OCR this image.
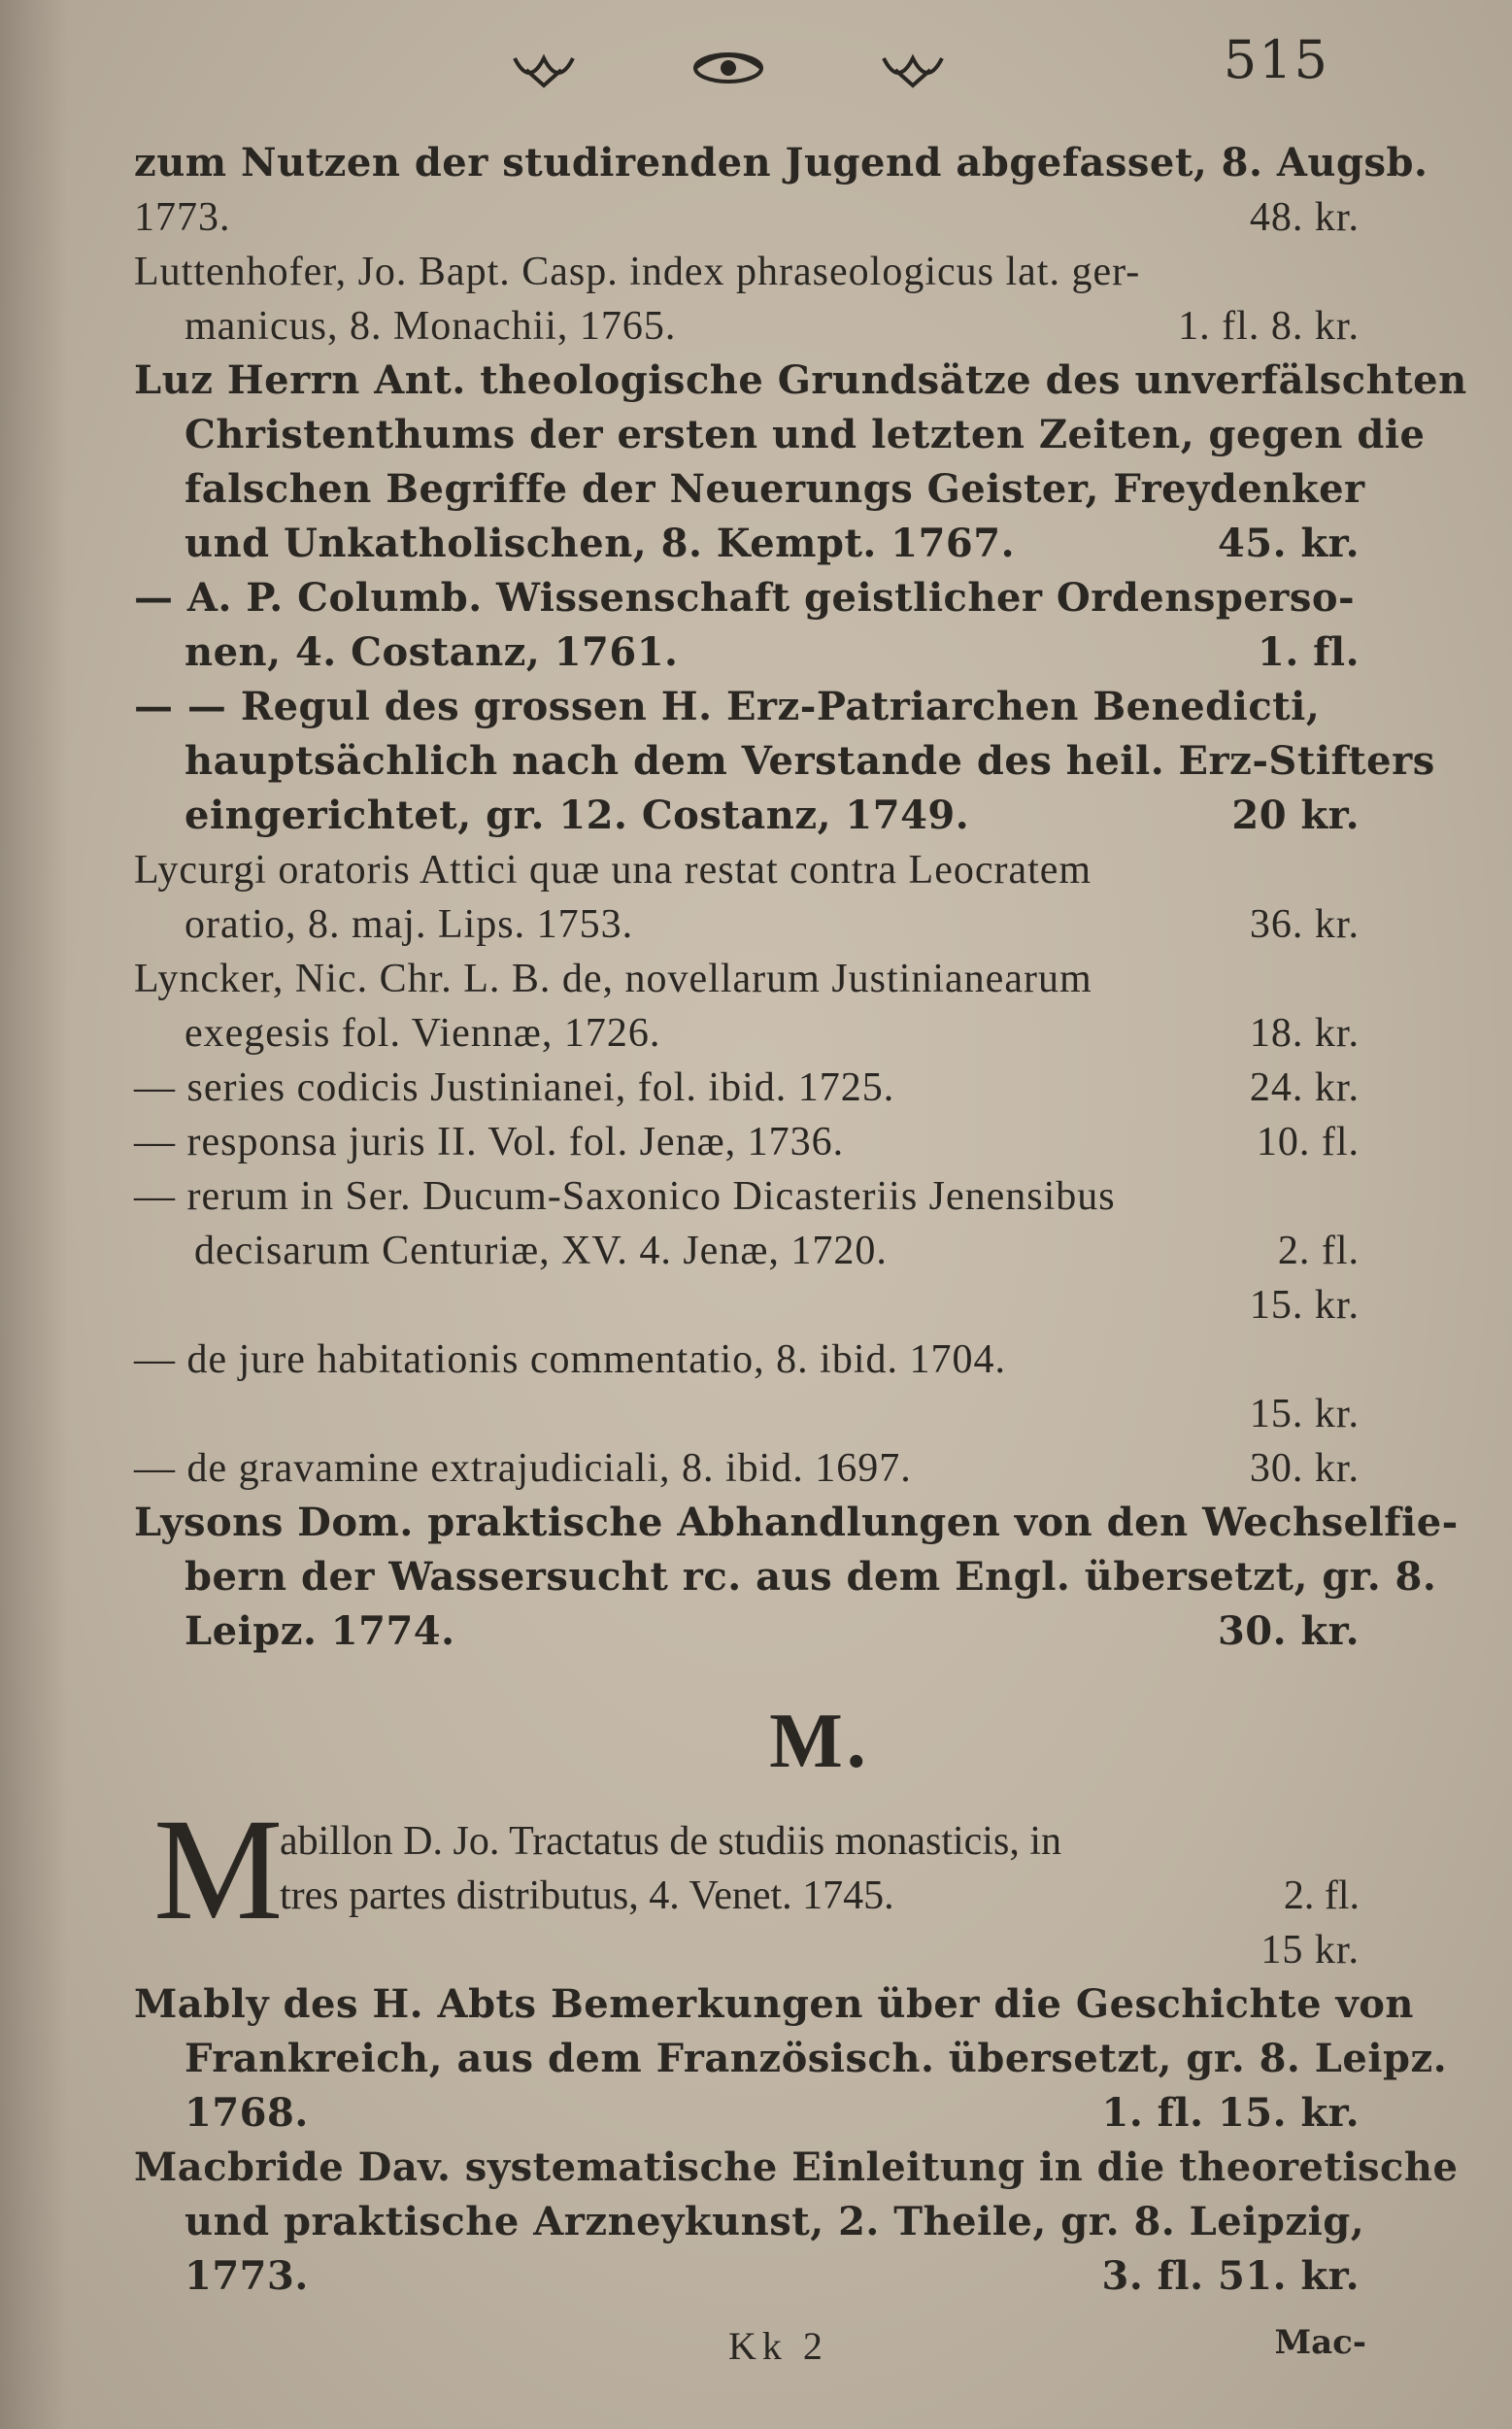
515
zum Nutzen der studirenden Jugend abgefasset, 8. Augsb.
1773.	48. kr.
Luttenhofer, Jo. Bapt. Casp. index phraseologicus lat. ger-
manicus, 8. Monachii, 1765.	1. fl. 8. kr.
Luz Herrn Ant. theologische Grundsätze des unverfälschten
Christenthums der ersten und letzten Zeiten, gegen die
falschen Begriffe der Neuerungs Geister, Freydenker
und Unkatholischen, 8. Kempt. 1767.	45. kr.
— A. P. Columb. Wissenschaft geistlicher Ordensperso-
nen, 4. Costanz, 1761.	1. fl.
— — Regul des grossen H. Erz-Patriarchen Benedicti,
hauptsächlich nach dem Verstande des heil. Erz-Stifters
eingerichtet, gr. 12. Costanz, 1749.	20 kr.
Lycurgi oratoris Attici quæ una restat contra Leocratem
oratio, 8. maj. Lips. 1753.	36. kr.
Lyncker, Nic. Chr. L. B. de, novellarum Justinianearum
exegesis fol. Viennæ, 1726.	18. kr.
— series codicis Justinianei, fol. ibid. 1725.	24. kr.
— responsa juris II. Vol. fol. Jenæ, 1736.	10. fl.
— rerum in Ser. Ducum-Saxonico Dicasteriis Jenensibus
decisarum Centuriæ, XV. 4. Jenæ, 1720.	2. fl.
15. kr.
— de jure habitationis commentatio, 8. ibid. 1704.
15. kr.
— de gravamine extrajudiciali, 8. ibid. 1697.	30. kr.
Lysons Dom. praktische Abhandlungen von den Wechselfie-
bern der Wassersucht rc. aus dem Engl. übersetzt, gr. 8.
Leipz. 1774.	30. kr.
M.
M
abillon D. Jo. Tractatus de studiis monasticis, in
tres partes distributus, 4. Venet. 1745.	2. fl.
15 kr.
Mably des H. Abts Bemerkungen über die Geschichte von
Frankreich, aus dem Französisch. übersetzt, gr. 8. Leipz.
1768.	1. fl. 15. kr.
Macbride Dav. systematische Einleitung in die theoretische
und praktische Arzneykunst, 2. Theile, gr. 8. Leipzig,
1773.	3. fl. 51. kr.
Kk 2	Mac-
